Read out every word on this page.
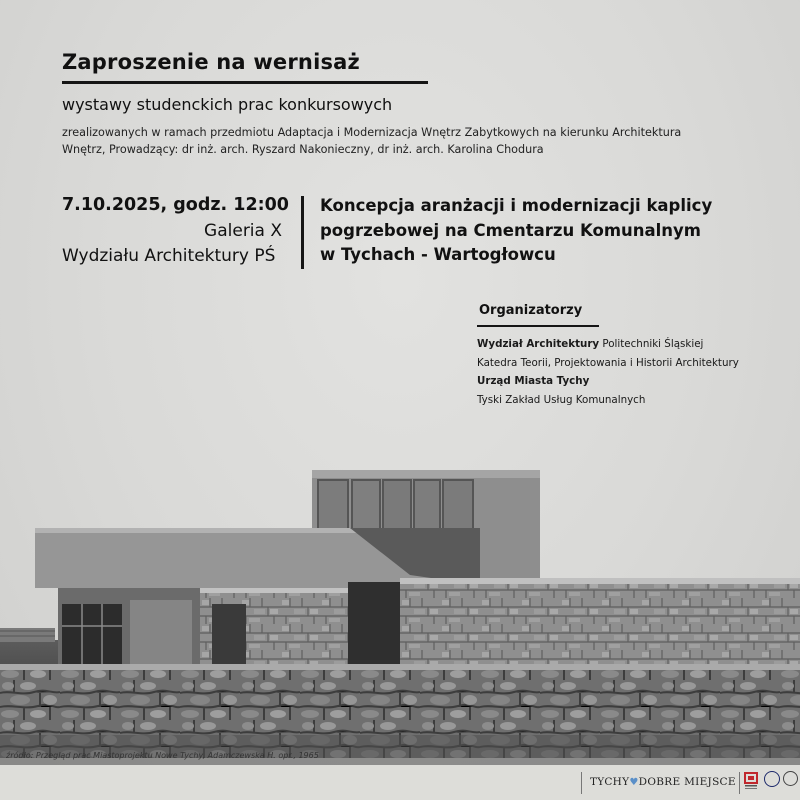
Zaproszenie na wernisaż
wystawy studenckich prac konkursowych
zrealizowanych w ramach przedmiotu Adaptacja i Modernizacja Wnętrz Zabytkowych na kierunku Architektura
Wnętrz, Prowadzący: dr inż. arch. Ryszard Nakonieczny, dr inż. arch. Karolina Chodura
7.10.2025, godz. 12:00
Galeria X
Wydziału Architektury PŚ
Koncepcja aranżacji i modernizacji kaplicy
pogrzebowej na Cmentarzu Komunalnym
w Tychach - Wartogłowcu
Organizatorzy
Wydział Architektury Politechniki Śląskiej
Katedra Teorii, Projektowania i Historii Architektury
Urząd Miasta Tychy
Tyski Zakład Usług Komunalnych
źródło: Przegląd prac Miastoprojektu Nowe Tychy, Adamczewska H. opr., 1965
TYCHY♥DOBRE MIEJSCE
